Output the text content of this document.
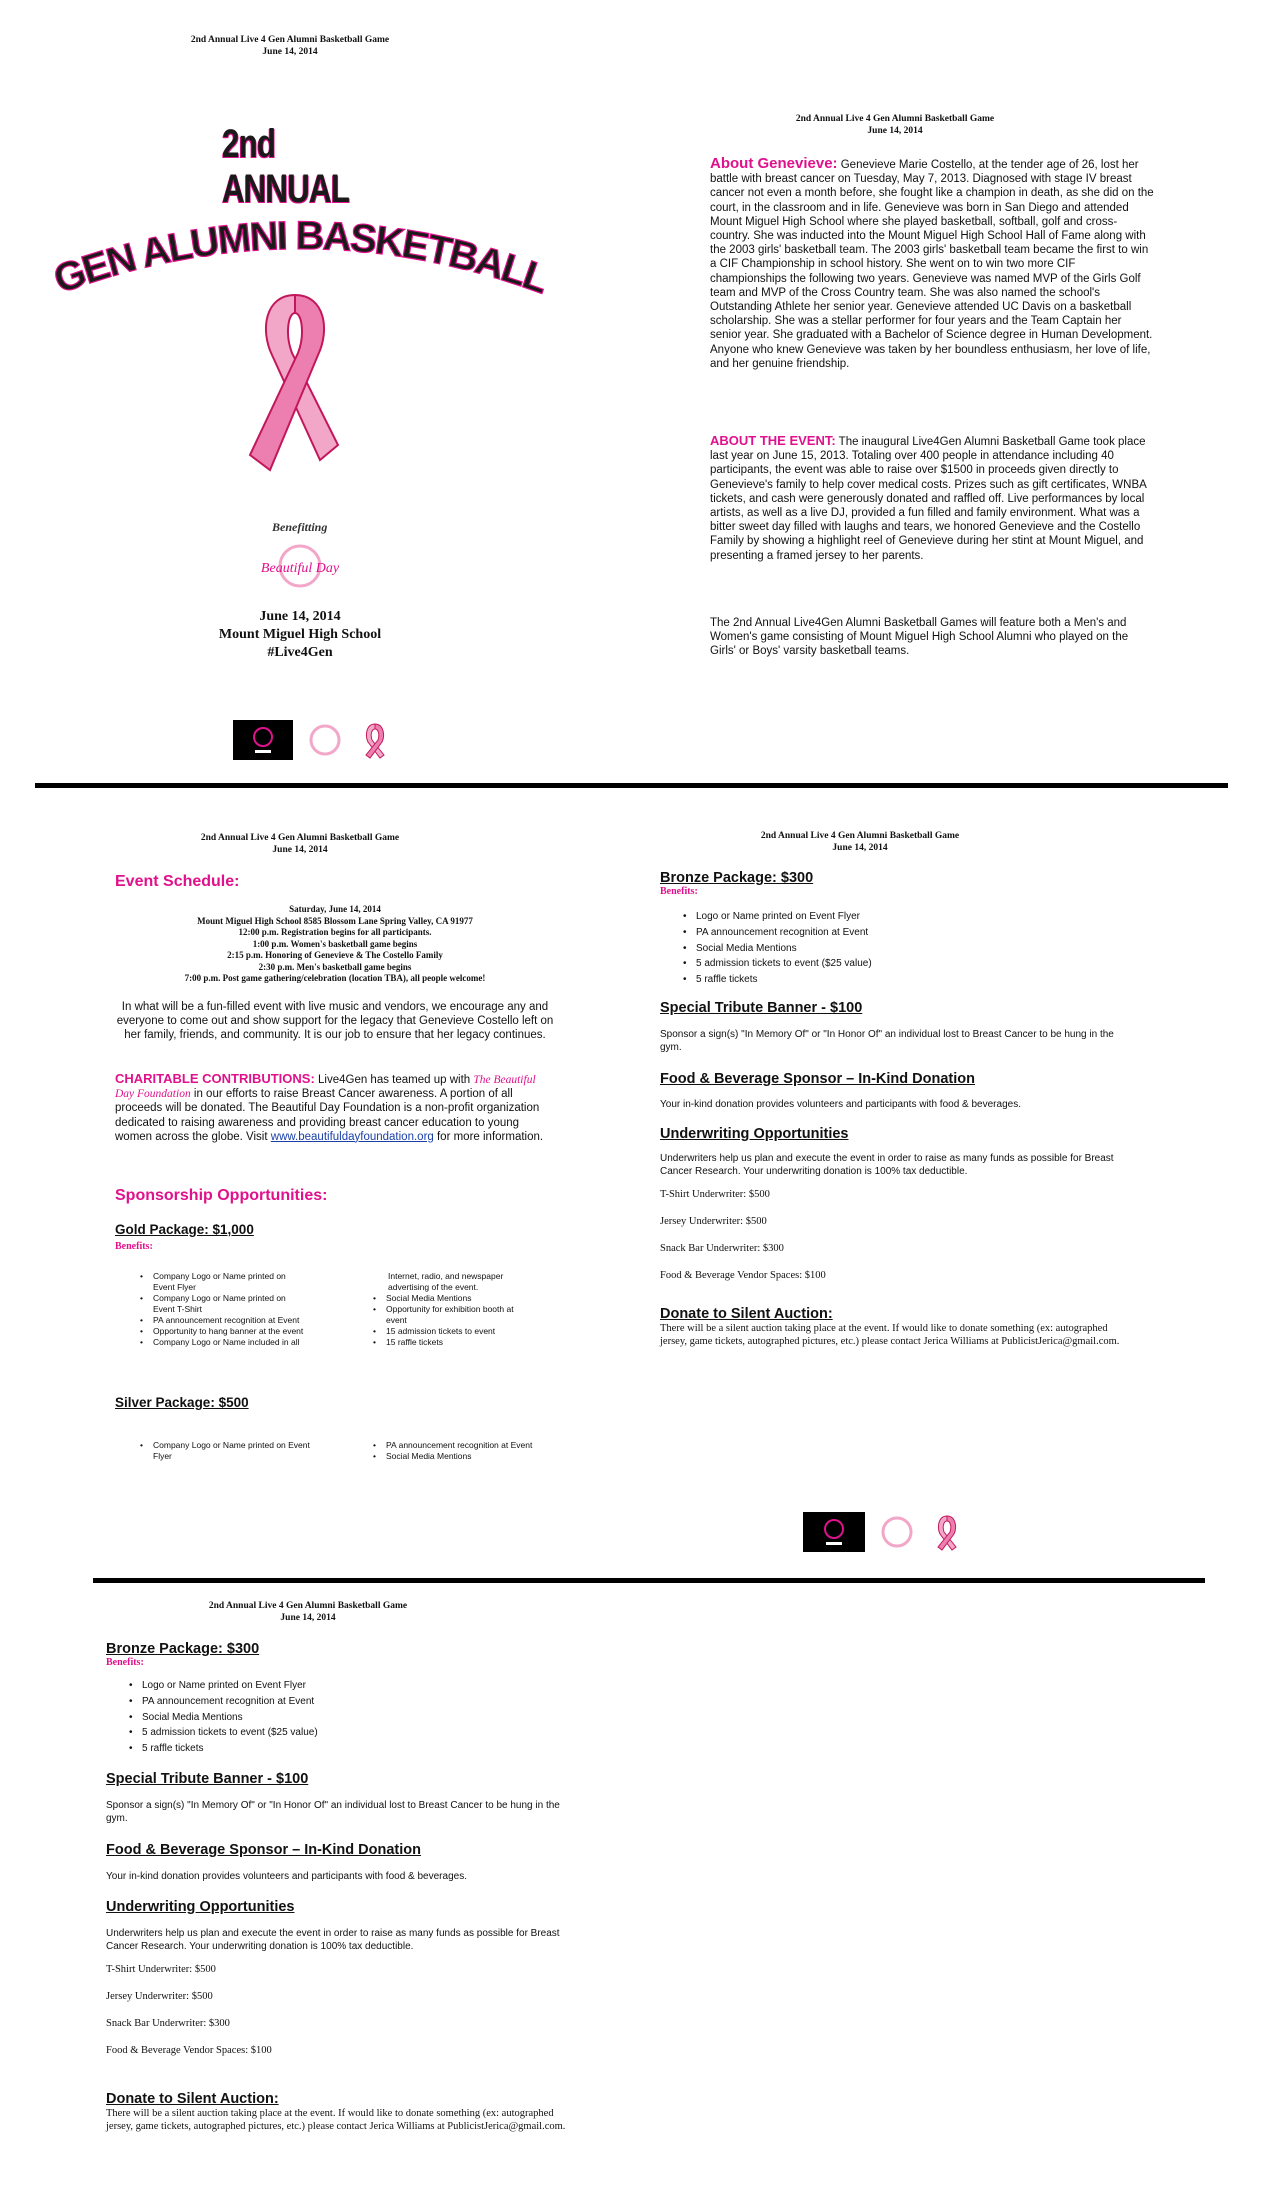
2nd Annual Live 4 Gen Alumni Basketball Game
June 14, 2014
2nd ANNUAL
GEN ALUMNI BASKETBALL
Benefitting
Beautiful Day
June 14, 2014
Mount Miguel High School
#Live4Gen
2nd Annual Live 4 Gen Alumni Basketball Game
June 14, 2014
About Genevieve: Genevieve Marie Costello, at the tender age of 26, lost her battle with breast cancer on Tuesday, May 7, 2013. Diagnosed with stage IV breast cancer not even a month before, she fought like a champion in death, as she did on the court, in the classroom and in life. Genevieve was born in San Diego and attended Mount Miguel High School where she played basketball, softball, golf and cross-country. She was inducted into the Mount Miguel High School Hall of Fame along with the 2003 girls' basketball team. The 2003 girls' basketball team became the first to win a CIF Championship in school history. She went on to win two more CIF championships the following two years. Genevieve was named MVP of the Girls Golf team and MVP of the Cross Country team. She was also named the school's Outstanding Athlete her senior year. Genevieve attended UC Davis on a basketball scholarship. She was a stellar performer for four years and the Team Captain her senior year. She graduated with a Bachelor of Science degree in Human Development. Anyone who knew Genevieve was taken by her boundless enthusiasm, her love of life, and her genuine friendship.
ABOUT THE EVENT: The inaugural Live4Gen Alumni Basketball Game took place last year on June 15, 2013. Totaling over 400 people in attendance including 40 participants, the event was able to raise over $1500 in proceeds given directly to Genevieve's family to help cover medical costs. Prizes such as gift certificates, WNBA tickets, and cash were generously donated and raffled off. Live performances by local artists, as well as a live DJ, provided a fun filled and family environment. What was a bitter sweet day filled with laughs and tears, we honored Genevieve and the Costello Family by showing a highlight reel of Genevieve during her stint at Mount Miguel, and presenting a framed jersey to her parents.
The 2nd Annual Live4Gen Alumni Basketball Games will feature both a Men's and Women's game consisting of Mount Miguel High School Alumni who played on the Girls' or Boys' varsity basketball teams.
2nd Annual Live 4 Gen Alumni Basketball Game
June 14, 2014
Event Schedule:
Saturday, June 14, 2014
Mount Miguel High School 8585 Blossom Lane Spring Valley, CA 91977
12:00 p.m. Registration begins for all participants.
1:00 p.m. Women's basketball game begins
2:15 p.m. Honoring of Genevieve & The Costello Family
2:30 p.m. Men's basketball game begins
7:00 p.m. Post game gathering/celebration (location TBA), all people welcome!
In what will be a fun-filled event with live music and vendors, we encourage any and everyone to come out and show support for the legacy that Genevieve Costello left on her family, friends, and community. It is our job to ensure that her legacy continues.
CHARITABLE CONTRIBUTIONS: Live4Gen has teamed up with The Beautiful Day Foundation in our efforts to raise Breast Cancer awareness. A portion of all proceeds will be donated. The Beautiful Day Foundation is a non-profit organization dedicated to raising awareness and providing breast cancer education to young women across the globe. Visit www.beautifuldayfoundation.org for more information.
Sponsorship Opportunities:
Gold Package: $1,000
Benefits:
• Company Logo or Name printed on Event Flyer
• Company Logo or Name printed on Event T-Shirt
• PA announcement recognition at Event
• Opportunity to hang banner at the event
• Company Logo or Name included in all
Internet, radio, and newspaper advertising of the event.
• Social Media Mentions
• Opportunity for exhibition booth at event
• 15 admission tickets to event
• 15 raffle tickets
Silver Package: $500
• Company Logo or Name printed on Event Flyer
• PA announcement recognition at Event
• Social Media Mentions
2nd Annual Live 4 Gen Alumni Basketball Game
June 14, 2014
Bronze Package: $300
Benefits:
• Logo or Name printed on Event Flyer
• PA announcement recognition at Event
• Social Media Mentions
• 5 admission tickets to event ($25 value)
• 5 raffle tickets
Special Tribute Banner - $100
Sponsor a sign(s) "In Memory Of" or "In Honor Of" an individual lost to Breast Cancer to be hung in the gym.
Food & Beverage Sponsor – In-Kind Donation
Your in-kind donation provides volunteers and participants with food & beverages.
Underwriting Opportunities
Underwriters help us plan and execute the event in order to raise as many funds as possible for Breast Cancer Research. Your underwriting donation is 100% tax deductible.
T-Shirt Underwriter: $500
Jersey Underwriter: $500
Snack Bar Underwriter: $300
Food & Beverage Vendor Spaces: $100
Donate to Silent Auction:
There will be a silent auction taking place at the event. If would like to donate something (ex: autographed jersey, game tickets, autographed pictures, etc.) please contact Jerica Williams at PublicistJerica@gmail.com.
2nd Annual Live 4 Gen Alumni Basketball Game
June 14, 2014
Bronze Package: $300
Benefits:
• Logo or Name printed on Event Flyer
• PA announcement recognition at Event
• Social Media Mentions
• 5 admission tickets to event ($25 value)
• 5 raffle tickets
Special Tribute Banner - $100
Sponsor a sign(s) "In Memory Of" or "In Honor Of" an individual lost to Breast Cancer to be hung in the gym.
Food & Beverage Sponsor – In-Kind Donation
Your in-kind donation provides volunteers and participants with food & beverages.
Underwriting Opportunities
Underwriters help us plan and execute the event in order to raise as many funds as possible for Breast Cancer Research. Your underwriting donation is 100% tax deductible.
T-Shirt Underwriter: $500
Jersey Underwriter: $500
Snack Bar Underwriter: $300
Food & Beverage Vendor Spaces: $100
Donate to Silent Auction:
There will be a silent auction taking place at the event. If would like to donate something (ex: autographed jersey, game tickets, autographed pictures, etc.) please contact Jerica Williams at PublicistJerica@gmail.com.
